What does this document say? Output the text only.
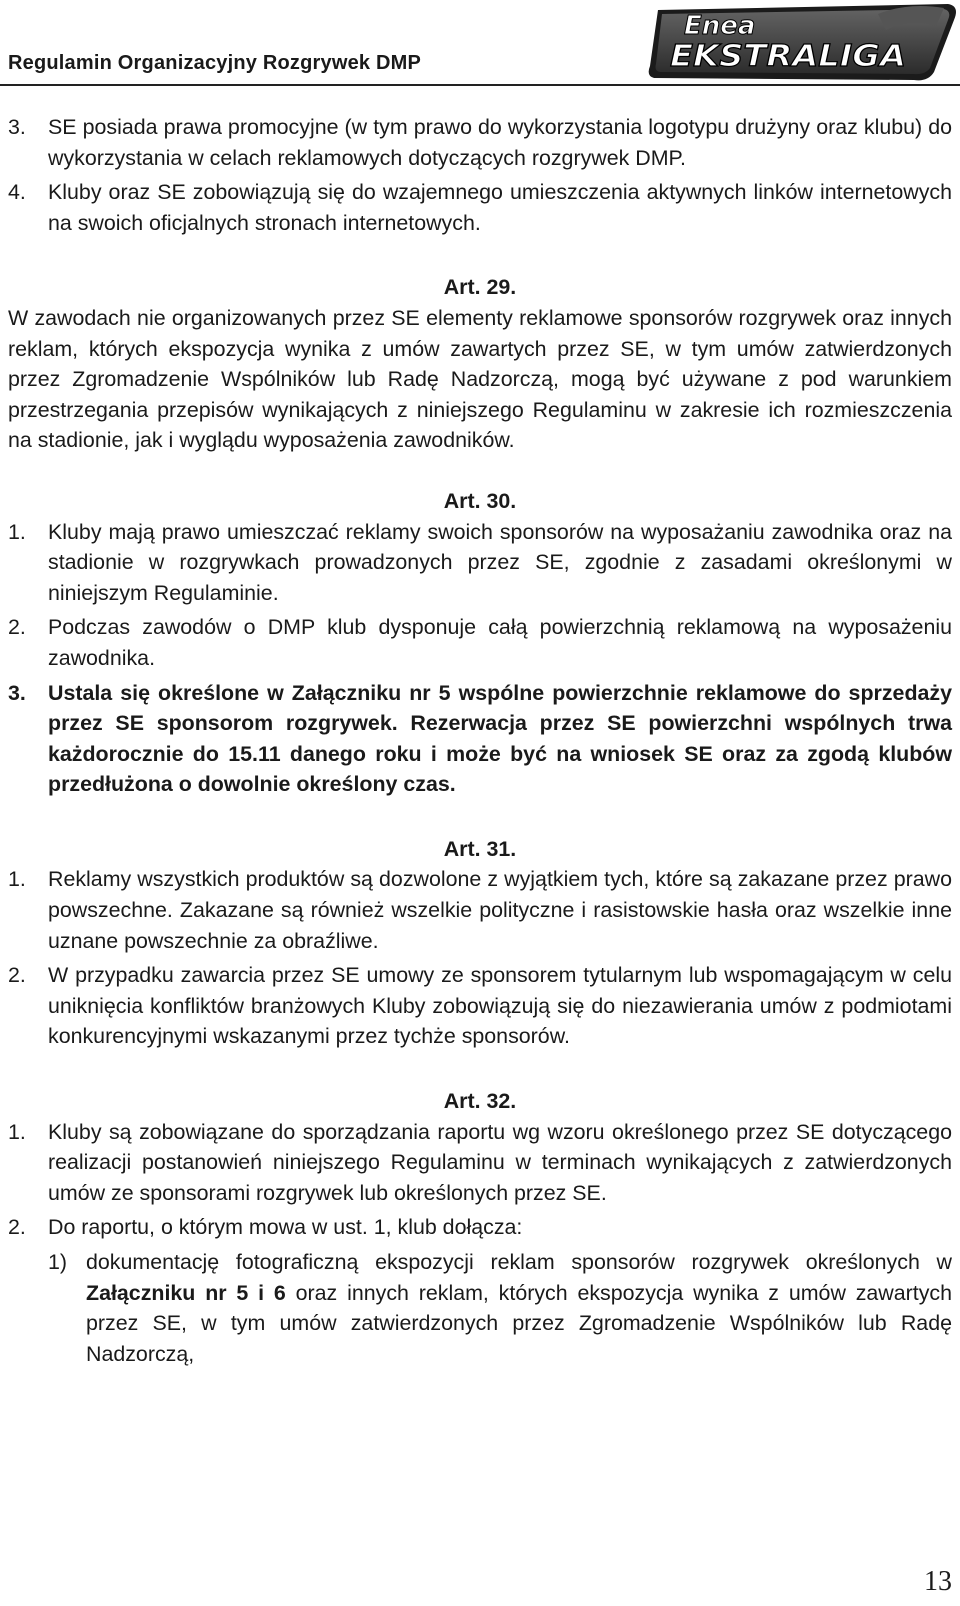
Regulamin Organizacyjny Rozgrywek DMP
Enea
EKSTRALIGA
3.	SE posiada prawa promocyjne (w tym prawo do wykorzystania logotypu drużyny oraz klubu) do wykorzystania w celach reklamowych dotyczących rozgrywek DMP.
4.	Kluby oraz SE zobowiązują się do wzajemnego umieszczenia aktywnych linków internetowych na swoich oficjalnych stronach internetowych.

Art. 29.

W zawodach nie organizowanych przez SE elementy reklamowe sponsorów rozgrywek oraz innych reklam, których ekspozycja wynika z umów zawartych przez SE, w tym umów zatwierdzonych przez Zgromadzenie Wspólników lub Radę Nadzorczą, mogą być używane z pod warunkiem przestrzegania przepisów wynikających z niniejszego Regulaminu w zakresie ich rozmieszczenia na stadionie, jak i wyglądu wyposażenia zawodników.

Art. 30.

1.	Kluby mają prawo umieszczać reklamy swoich sponsorów na wyposażaniu zawodnika oraz na stadionie w rozgrywkach prowadzonych przez SE, zgodnie z zasadami określonymi w niniejszym Regulaminie.
2.	Podczas zawodów o DMP klub dysponuje całą powierzchnią reklamową na wyposażeniu zawodnika.
3.	Ustala się określone w Załączniku nr 5 wspólne powierzchnie reklamowe do sprzedaży przez SE sponsorom rozgrywek. Rezerwacja przez SE powierzchni wspólnych trwa każdorocznie do 15.11 danego roku i może być na wniosek SE oraz za zgodą klubów przedłużona o dowolnie określony czas.

Art. 31.

1.	Reklamy wszystkich produktów są dozwolone z wyjątkiem tych, które są zakazane przez prawo powszechne. Zakazane są również wszelkie polityczne i rasistowskie hasła oraz wszelkie inne uznane powszechnie za obraźliwe.
2.	W przypadku zawarcia przez SE umowy ze sponsorem tytularnym lub wspomagającym w celu uniknięcia konfliktów branżowych Kluby zobowiązują się do niezawierania umów z podmiotami konkurencyjnymi wskazanymi przez tychże sponsorów.

Art. 32.

1.	Kluby są zobowiązane do sporządzania raportu wg wzoru określonego przez SE dotyczącego realizacji postanowień niniejszego Regulaminu w terminach wynikających z zatwierdzonych umów ze sponsorami rozgrywek lub określonych przez SE.
2.	Do raportu, o którym mowa w ust. 1, klub dołącza:
1) dokumentację fotograficzną ekspozycji reklam sponsorów rozgrywek określonych w Załączniku nr 5 i 6 oraz innych reklam, których ekspozycja wynika z umów zawartych przez SE, w tym umów zatwierdzonych przez Zgromadzenie Wspólników lub Radę Nadzorczą,
13
